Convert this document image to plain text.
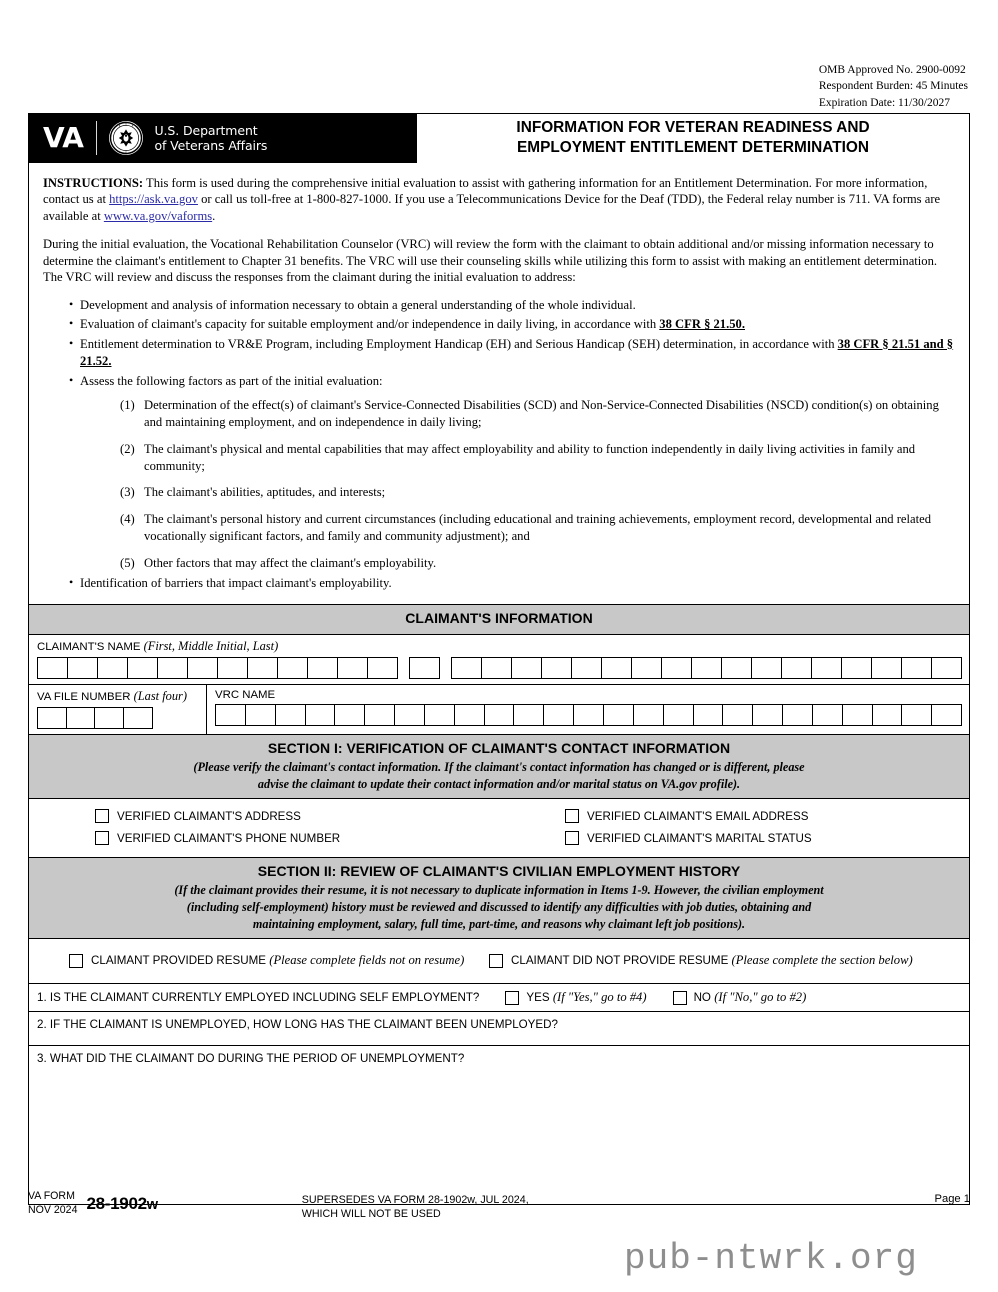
OMB Approved No. 2900-0092
Respondent Burden: 45 Minutes
Expiration Date: 11/30/2027
VA	U.S. Department
of Veterans Affairs
INFORMATION FOR VETERAN READINESS AND
EMPLOYMENT ENTITLEMENT DETERMINATION

INSTRUCTIONS: This form is used during the comprehensive initial evaluation to assist with gathering information for an Entitlement Determination. For more information, contact us at https://ask.va.gov or call us toll-free at 1-800-827-1000. If you use a Telecommunications Device for the Deaf (TDD), the Federal relay number is 711. VA forms are available at www.va.gov/vaforms.

During the initial evaluation, the Vocational Rehabilitation Counselor (VRC) will review the form with the claimant to obtain additional and/or missing information necessary to determine the claimant's entitlement to Chapter 31 benefits. The VRC will use their counseling skills while utilizing this form to assist with making an entitlement determination. The VRC will review and discuss the responses from the claimant during the initial evaluation to address:

• Development and analysis of information necessary to obtain a general understanding of the whole individual.
• Evaluation of claimant's capacity for suitable employment and/or independence in daily living, in accordance with 38 CFR § 21.50.
• Entitlement determination to VR&E Program, including Employment Handicap (EH) and Serious Handicap (SEH) determination, in accordance with 38 CFR § 21.51 and § 21.52.
• Assess the following factors as part of the initial evaluation:
(1) Determination of the effect(s) of claimant's Service-Connected Disabilities (SCD) and Non-Service-Connected Disabilities (NSCD) condition(s) on obtaining and maintaining employment, and on independence in daily living;
(2) The claimant's physical and mental capabilities that may affect employability and ability to function independently in daily living activities in family and community;
(3) The claimant's abilities, aptitudes, and interests;
(4) The claimant's personal history and current circumstances (including educational and training achievements, employment record, developmental and related vocationally significant factors, and family and community adjustment); and
(5) Other factors that may affect the claimant's employability.
• Identification of barriers that impact claimant's employability.
CLAIMANT'S INFORMATION
CLAIMANT'S NAME (First, Middle Initial, Last)
VA FILE NUMBER (Last four)	VRC NAME
SECTION I: VERIFICATION OF CLAIMANT'S CONTACT INFORMATION
(Please verify the claimant's contact information. If the claimant's contact information has changed or is different, please
advise the claimant to update their contact information and/or marital status on VA.gov profile).
VERIFIED CLAIMANT'S ADDRESS	VERIFIED CLAIMANT'S EMAIL ADDRESS
VERIFIED CLAIMANT'S PHONE NUMBER	VERIFIED CLAIMANT'S MARITAL STATUS
SECTION II: REVIEW OF CLAIMANT'S CIVILIAN EMPLOYMENT HISTORY
(If the claimant provides their resume, it is not necessary to duplicate information in Items 1-9. However, the civilian employment
(including self-employment) history must be reviewed and discussed to identify any difficulties with job duties, obtaining and
maintaining employment, salary, full time, part-time, and reasons why claimant left job positions).
CLAIMANT PROVIDED RESUME (Please complete fields not on resume)	CLAIMANT DID NOT PROVIDE RESUME (Please complete the section below)
1. IS THE CLAIMANT CURRENTLY EMPLOYED INCLUDING SELF EMPLOYMENT?	YES (If "Yes," go to #4)	NO (If "No," go to #2)
2. IF THE CLAIMANT IS UNEMPLOYED, HOW LONG HAS THE CLAIMANT BEEN UNEMPLOYED?
3. WHAT DID THE CLAIMANT DO DURING THE PERIOD OF UNEMPLOYMENT?
VA FORM
NOV 2024 28-1902w	SUPERSEDES VA FORM 28-1902w, JUL 2024,
WHICH WILL NOT BE USED
Page 1
pub-ntwrk.org
